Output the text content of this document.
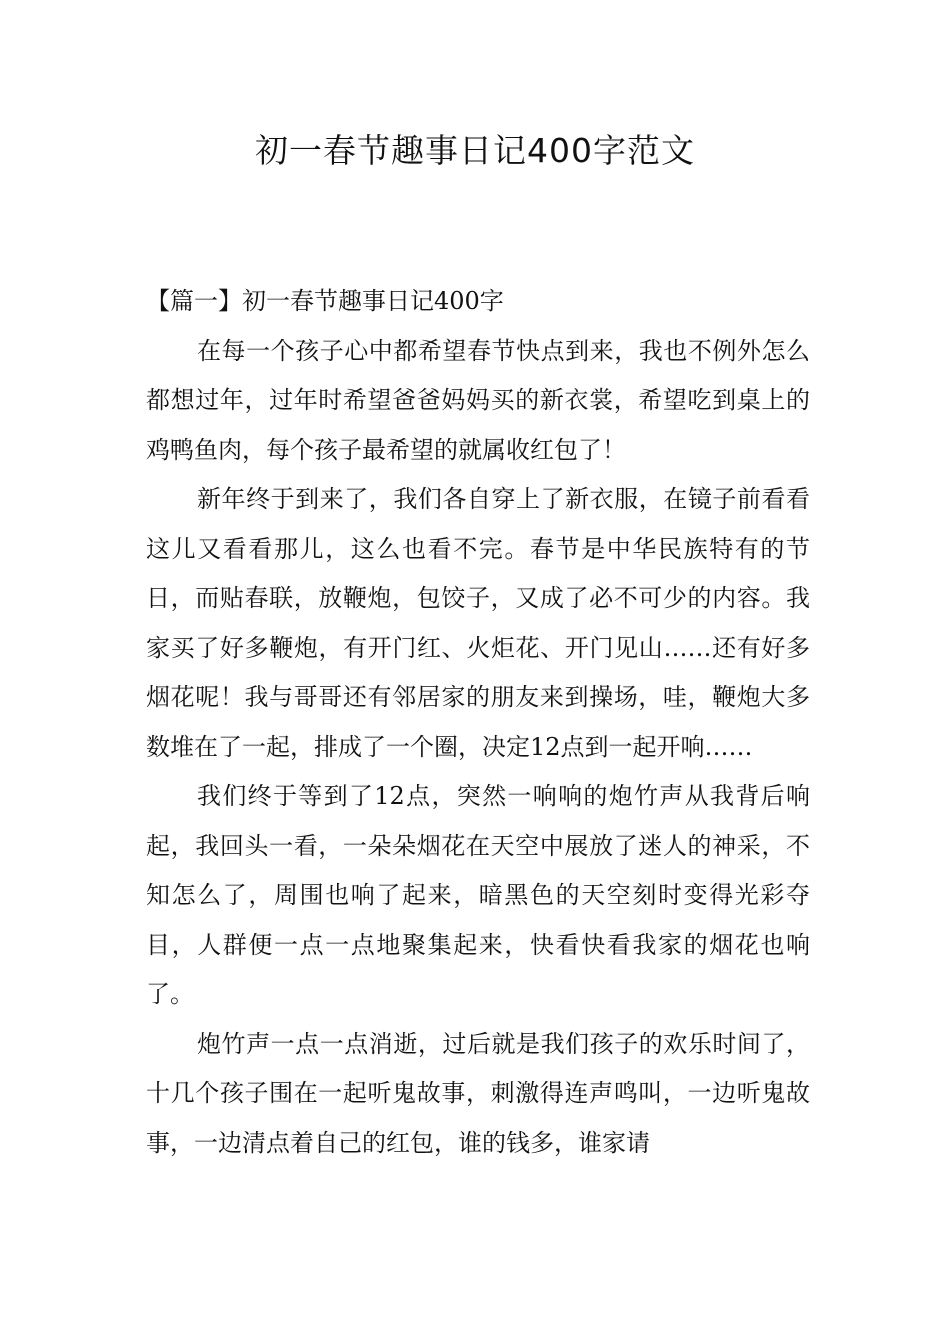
初一春节趣事日记400字范文
【篇一】初一春节趣事日记400字

在每一个孩子心中都希望春节快点到来，我也不例外怎么都想过年，过年时希望爸爸妈妈买的新衣裳，希望吃到桌上的鸡鸭鱼肉，每个孩子最希望的就属收红包了！

新年终于到来了，我们各自穿上了新衣服，在镜子前看看这儿又看看那儿，这么也看不完。春节是中华民族特有的节日，而贴春联，放鞭炮，包饺子，又成了必不可少的内容。我家买了好多鞭炮，有开门红、火炬花、开门见山……还有好多烟花呢！我与哥哥还有邻居家的朋友来到操场，哇，鞭炮大多数堆在了一起，排成了一个圈，决定12点到一起开响……

我们终于等到了12点，突然一响响的炮竹声从我背后响起，我回头一看，一朵朵烟花在天空中展放了迷人的神采，不知怎么了，周围也响了起来，暗黑色的天空刻时变得光彩夺目，人群便一点一点地聚集起来，快看快看我家的烟花也响了。

炮竹声一点一点消逝，过后就是我们孩子的欢乐时间了，十几个孩子围在一起听鬼故事，刺激得连声鸣叫，一边听鬼故事，一边清点着自己的红包，谁的钱多，谁家请
